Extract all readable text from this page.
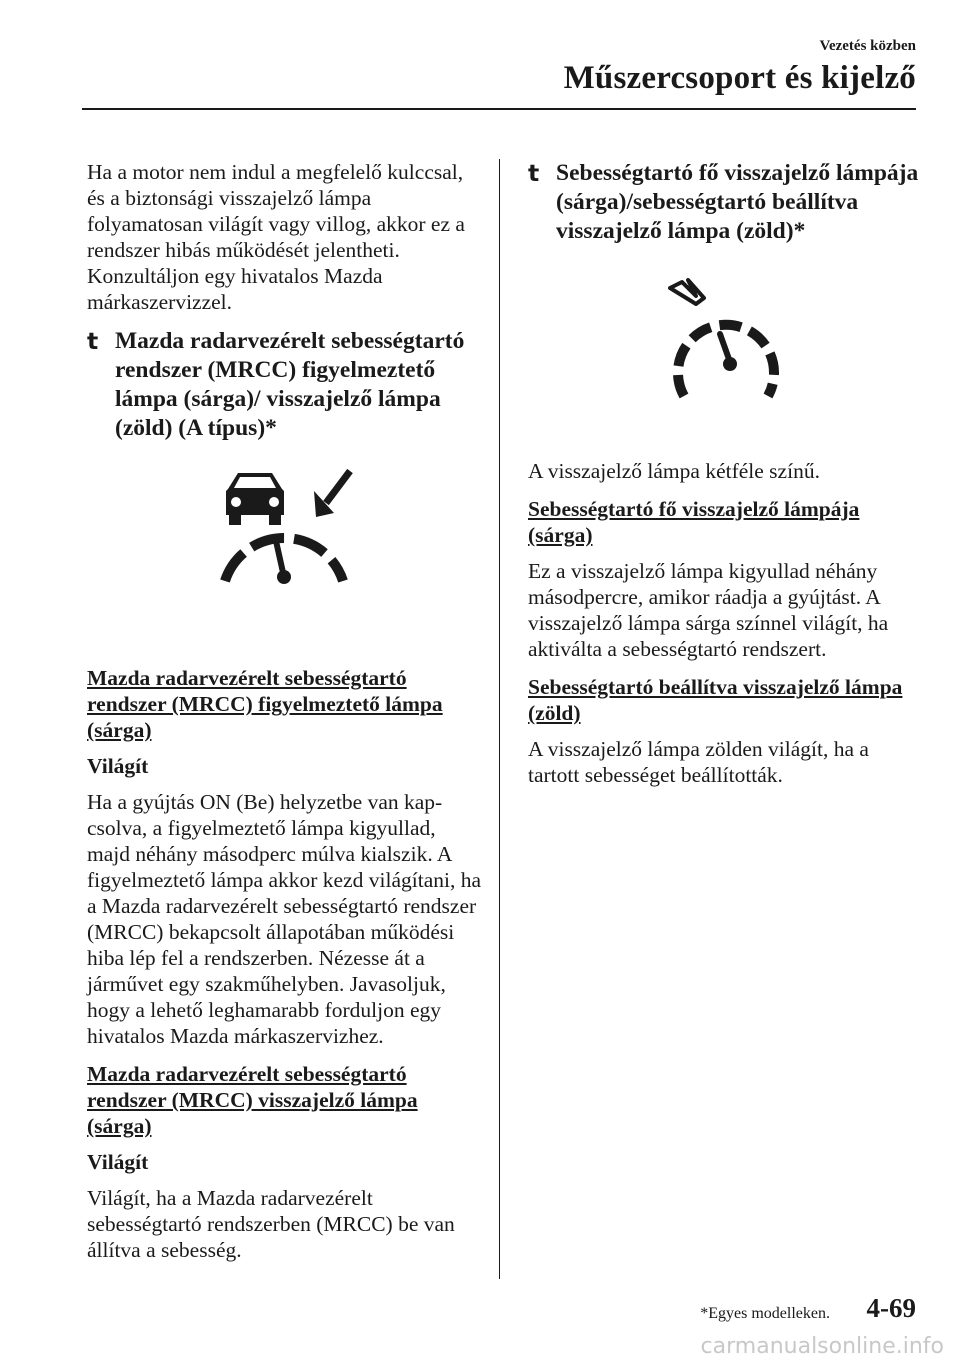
Vezetés közben
Műszercsoport és kijelző

Ha a motor nem indul a megfelelő kulccsal, és a biztonsági visszajelző lámpa folyamatosan világít vagy villog, akkor ez a rendszer hibás működését jelentheti. Konzultáljon egy hivatalos Mazda márkaszervizzel.

t Mazda radarvezérelt sebességtartó rendszer (MRCC) figyelmeztető lámpa (sárga)/ visszajelző lámpa (zöld) (A típus)*

Mazda radarvezérelt sebességtartó rendszer (MRCC) figyelmeztető lámpa (sárga)

Világít

Ha a gyújtás ON (Be) helyzetbe van kap-csolva, a figyelmeztető lámpa kigyullad, majd néhány másodperc múlva kialszik. A figyelmeztető lámpa akkor kezd világítani, ha a Mazda radarvezérelt sebességtartó rendszer (MRCC) bekapcsolt állapotában működési hiba lép fel a rendszerben. Nézesse át a járművet egy szakműhelyben. Javasoljuk, hogy a lehető leghamarabb forduljon egy hivatalos Mazda márkaszervizhez.

Mazda radarvezérelt sebességtartó rendszer (MRCC) visszajelző lámpa (sárga)

Világít

Világít, ha a Mazda radarvezérelt sebességtartó rendszerben (MRCC) be van állítva a sebesség.

t Sebességtartó fő visszajelző lámpája (sárga)/sebességtartó beállítva visszajelző lámpa (zöld)*

A visszajelző lámpa kétféle színű.

Sebességtartó fő visszajelző lámpája (sárga)

Ez a visszajelző lámpa kigyullad néhány másodpercre, amikor ráadja a gyújtást. A visszajelző lámpa sárga színnel világít, ha aktiválta a sebességtartó rendszert.

Sebességtartó beállítva visszajelző lámpa (zöld)

A visszajelző lámpa zölden világít, ha a tartott sebességet beállították.

*Egyes modelleken. 4-69
carmanualsonline.info
